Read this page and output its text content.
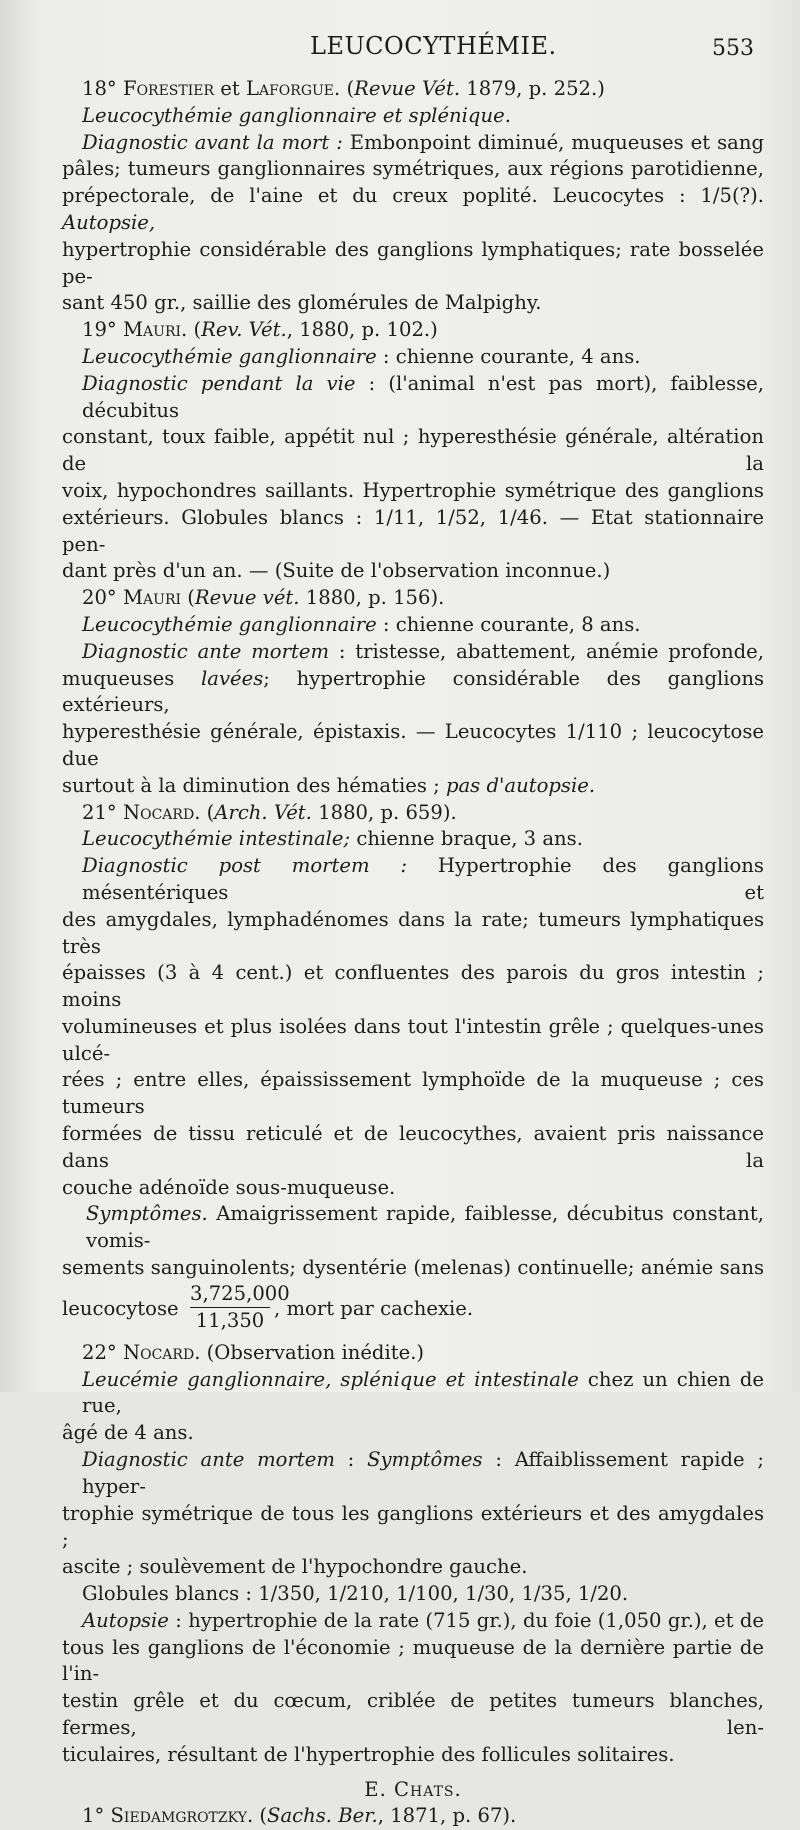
LEUCOCYTHÉMIE.	553
18° Forestier et Laforgue. (Revue Vét. 1879, p. 252.)
Leucocythémie ganglionnaire et splénique.
Diagnostic avant la mort : Embonpoint diminué, muqueuses et sang
pâles; tumeurs ganglionnaires symétriques, aux régions parotidienne,
prépectorale, de l'aine et du creux poplité. Leucocytes : 1/5(?). Autopsie,
hypertrophie considérable des ganglions lymphatiques; rate bosselée pe-
sant 450 gr., saillie des glomérules de Malpighy.
19° Mauri. (Rev. Vét., 1880, p. 102.)
Leucocythémie ganglionnaire : chienne courante, 4 ans.
Diagnostic pendant la vie : (l'animal n'est pas mort), faiblesse, décubitus
constant, toux faible, appétit nul ; hyperesthésie générale, altération de la
voix, hypochondres saillants. Hypertrophie symétrique des ganglions
extérieurs. Globules blancs : 1/11, 1/52, 1/46. — Etat stationnaire pen-
dant près d'un an. — (Suite de l'observation inconnue.)
20° Mauri (Revue vét. 1880, p. 156).
Leucocythémie ganglionnaire : chienne courante, 8 ans.
Diagnostic ante mortem : tristesse, abattement, anémie profonde,
muqueuses lavées; hypertrophie considérable des ganglions extérieurs,
hyperesthésie générale, épistaxis. — Leucocytes 1/110 ; leucocytose due
surtout à la diminution des hématies ; pas d'autopsie.
21° Nocard. (Arch. Vét. 1880, p. 659).
Leucocythémie intestinale; chienne braque, 3 ans.
Diagnostic post mortem : Hypertrophie des ganglions mésentériques et
des amygdales, lymphadénomes dans la rate; tumeurs lymphatiques très
épaisses (3 à 4 cent.) et confluentes des parois du gros intestin ; moins
volumineuses et plus isolées dans tout l'intestin grêle ; quelques-unes ulcé-
rées ; entre elles, épaississement lymphoïde de la muqueuse ; ces tumeurs
formées de tissu reticulé et de leucocythes, avaient pris naissance dans la
couche adénoïde sous-muqueuse.
Symptômes. Amaigrissement rapide, faiblesse, décubitus constant, vomis-
sements sanguinolents; dysentérie (melenas) continuelle; anémie sans
leucocytose
3,725,000
11,350
, mort par cachexie.
22° Nocard. (Observation inédite.)
Leucémie ganglionnaire, splénique et intestinale chez un chien de rue,
âgé de 4 ans.
Diagnostic ante mortem : Symptômes : Affaiblissement rapide ; hyper-
trophie symétrique de tous les ganglions extérieurs et des amygdales ;
ascite ; soulèvement de l'hypochondre gauche.
Globules blancs : 1/350, 1/210, 1/100, 1/30, 1/35, 1/20.
Autopsie : hypertrophie de la rate (715 gr.), du foie (1,050 gr.), et de
tous les ganglions de l'économie ; muqueuse de la dernière partie de l'in-
testin grêle et du cœcum, criblée de petites tumeurs blanches, fermes, len-
ticulaires, résultant de l'hypertrophie des follicules solitaires.
E. Chats.
1° Siedamgrotzky. (Sachs. Ber., 1871, p. 67).
